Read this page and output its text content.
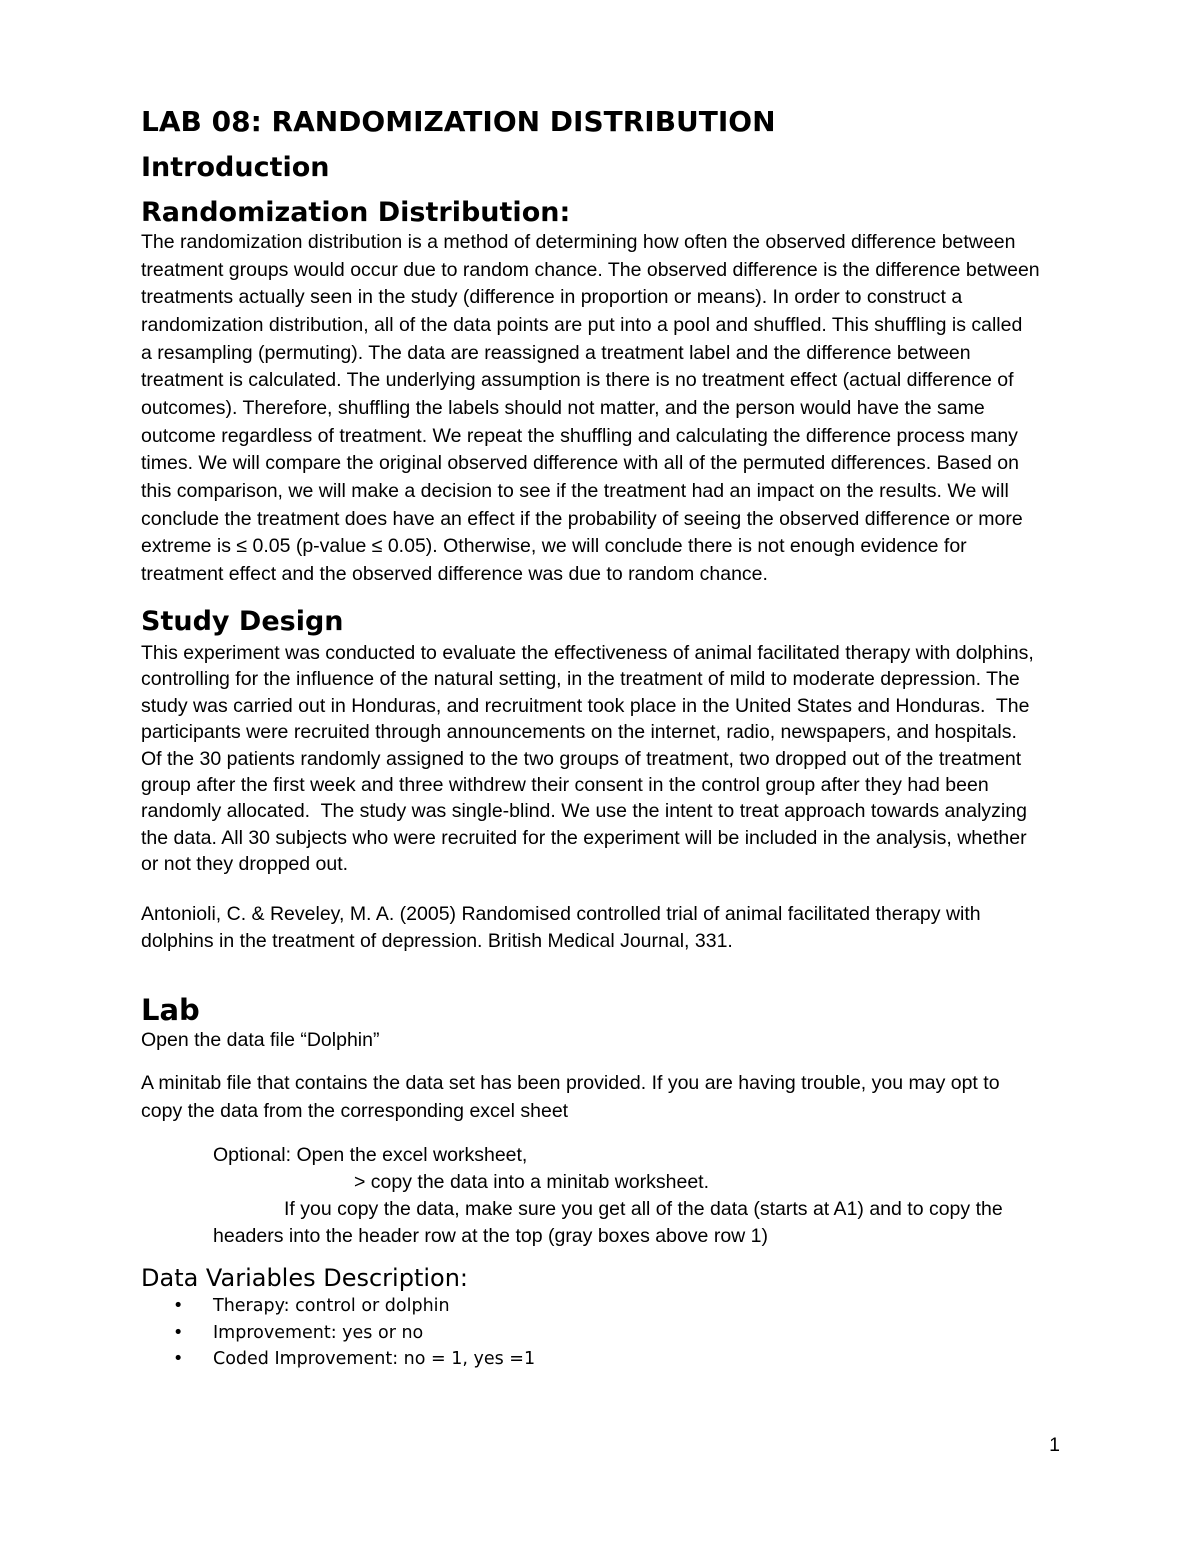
LAB 08: RANDOMIZATION DISTRIBUTION
Introduction
Randomization Distribution:
The randomization distribution is a method of determining how often the observed difference between
treatment groups would occur due to random chance. The observed difference is the difference between
treatments actually seen in the study (difference in proportion or means). In order to construct a
randomization distribution, all of the data points are put into a pool and shuffled. This shuffling is called
a resampling (permuting). The data are reassigned a treatment label and the difference between
treatment is calculated. The underlying assumption is there is no treatment effect (actual difference of
outcomes). Therefore, shuffling the labels should not matter, and the person would have the same
outcome regardless of treatment. We repeat the shuffling and calculating the difference process many
times. We will compare the original observed difference with all of the permuted differences. Based on
this comparison, we will make a decision to see if the treatment had an impact on the results. We will
conclude the treatment does have an effect if the probability of seeing the observed difference or more
extreme is ≤ 0.05 (p-value ≤ 0.05). Otherwise, we will conclude there is not enough evidence for
treatment effect and the observed difference was due to random chance.
Study Design
This experiment was conducted to evaluate the effectiveness of animal facilitated therapy with dolphins,
controlling for the influence of the natural setting, in the treatment of mild to moderate depression. The
study was carried out in Honduras, and recruitment took place in the United States and Honduras.  The
participants were recruited through announcements on the internet, radio, newspapers, and hospitals.
Of the 30 patients randomly assigned to the two groups of treatment, two dropped out of the treatment
group after the first week and three withdrew their consent in the control group after they had been
randomly allocated.  The study was single-blind. We use the intent to treat approach towards analyzing
the data. All 30 subjects who were recruited for the experiment will be included in the analysis, whether
or not they dropped out.
Antonioli, C. & Reveley, M. A. (2005) Randomised controlled trial of animal facilitated therapy with
dolphins in the treatment of depression. British Medical Journal, 331.
Lab
Open the data file “Dolphin”
A minitab file that contains the data set has been provided. If you are having trouble, you may opt to
copy the data from the corresponding excel sheet
Optional: Open the excel worksheet,
> copy the data into a minitab worksheet.
If you copy the data, make sure you get all of the data (starts at A1) and to copy the
headers into the header row at the top (gray boxes above row 1)
Data Variables Description:
•
Therapy: control or dolphin
•
Improvement: yes or no
•
Coded Improvement: no = 1, yes =1
1
